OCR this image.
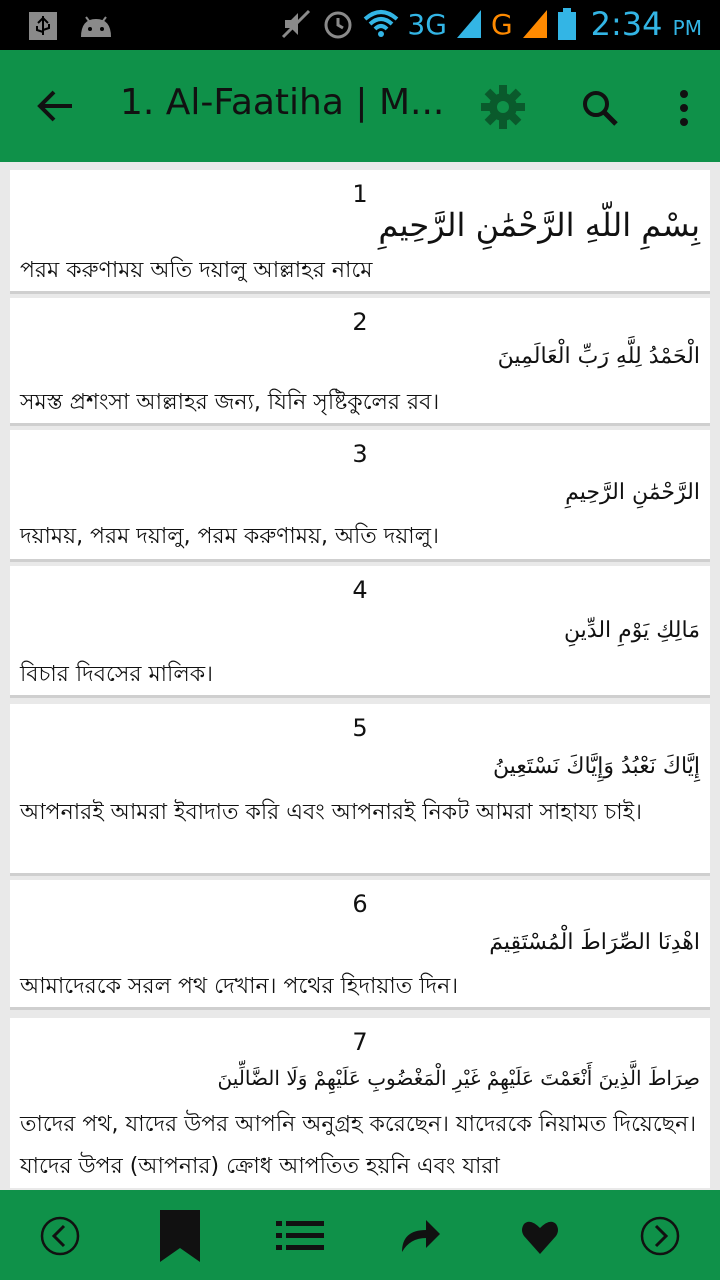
3G G 2:34 PM
1. Al-Faatiha | M...
1
بِسْمِ اللّهِ الرَّحْمَٰنِ الرَّحِيمِ
পরম করুণাময় অতি দয়ালু আল্লাহর নামে
2
الْحَمْدُ لِلَّهِ رَبِّ الْعَالَمِينَ
সমস্ত প্রশংসা আল্লাহর জন্য, যিনি সৃষ্টিকুলের রব।
3
الرَّحْمَٰنِ الرَّحِيمِ
দয়াময়, পরম দয়ালু, পরম করুণাময়, অতি দয়ালু।
4
مَالِكِ يَوْمِ الدِّينِ
বিচার দিবসের মালিক।
5
إِيَّاكَ نَعْبُدُ وَإِيَّاكَ نَسْتَعِينُ
আপনারই আমরা ইবাদাত করি এবং আপনারই নিকট আমরা সাহায্য চাই।
6
اهْدِنَا الصِّرَاطَ الْمُسْتَقِيمَ
আমাদেরকে সরল পথ দেখান। পথের হিদায়াত দিন।
7
صِرَاطَ الَّذِينَ أَنْعَمْتَ عَلَيْهِمْ غَيْرِ الْمَغْضُوبِ عَلَيْهِمْ وَلَا الضَّالِّينَ
তাদের পথ, যাদের উপর আপনি অনুগ্রহ করেছেন। যাদেরকে নিয়ামত দিয়েছেন।যাদের উপর (আপনার) ক্রোধ আপতিত হয়নি এবং যারা
